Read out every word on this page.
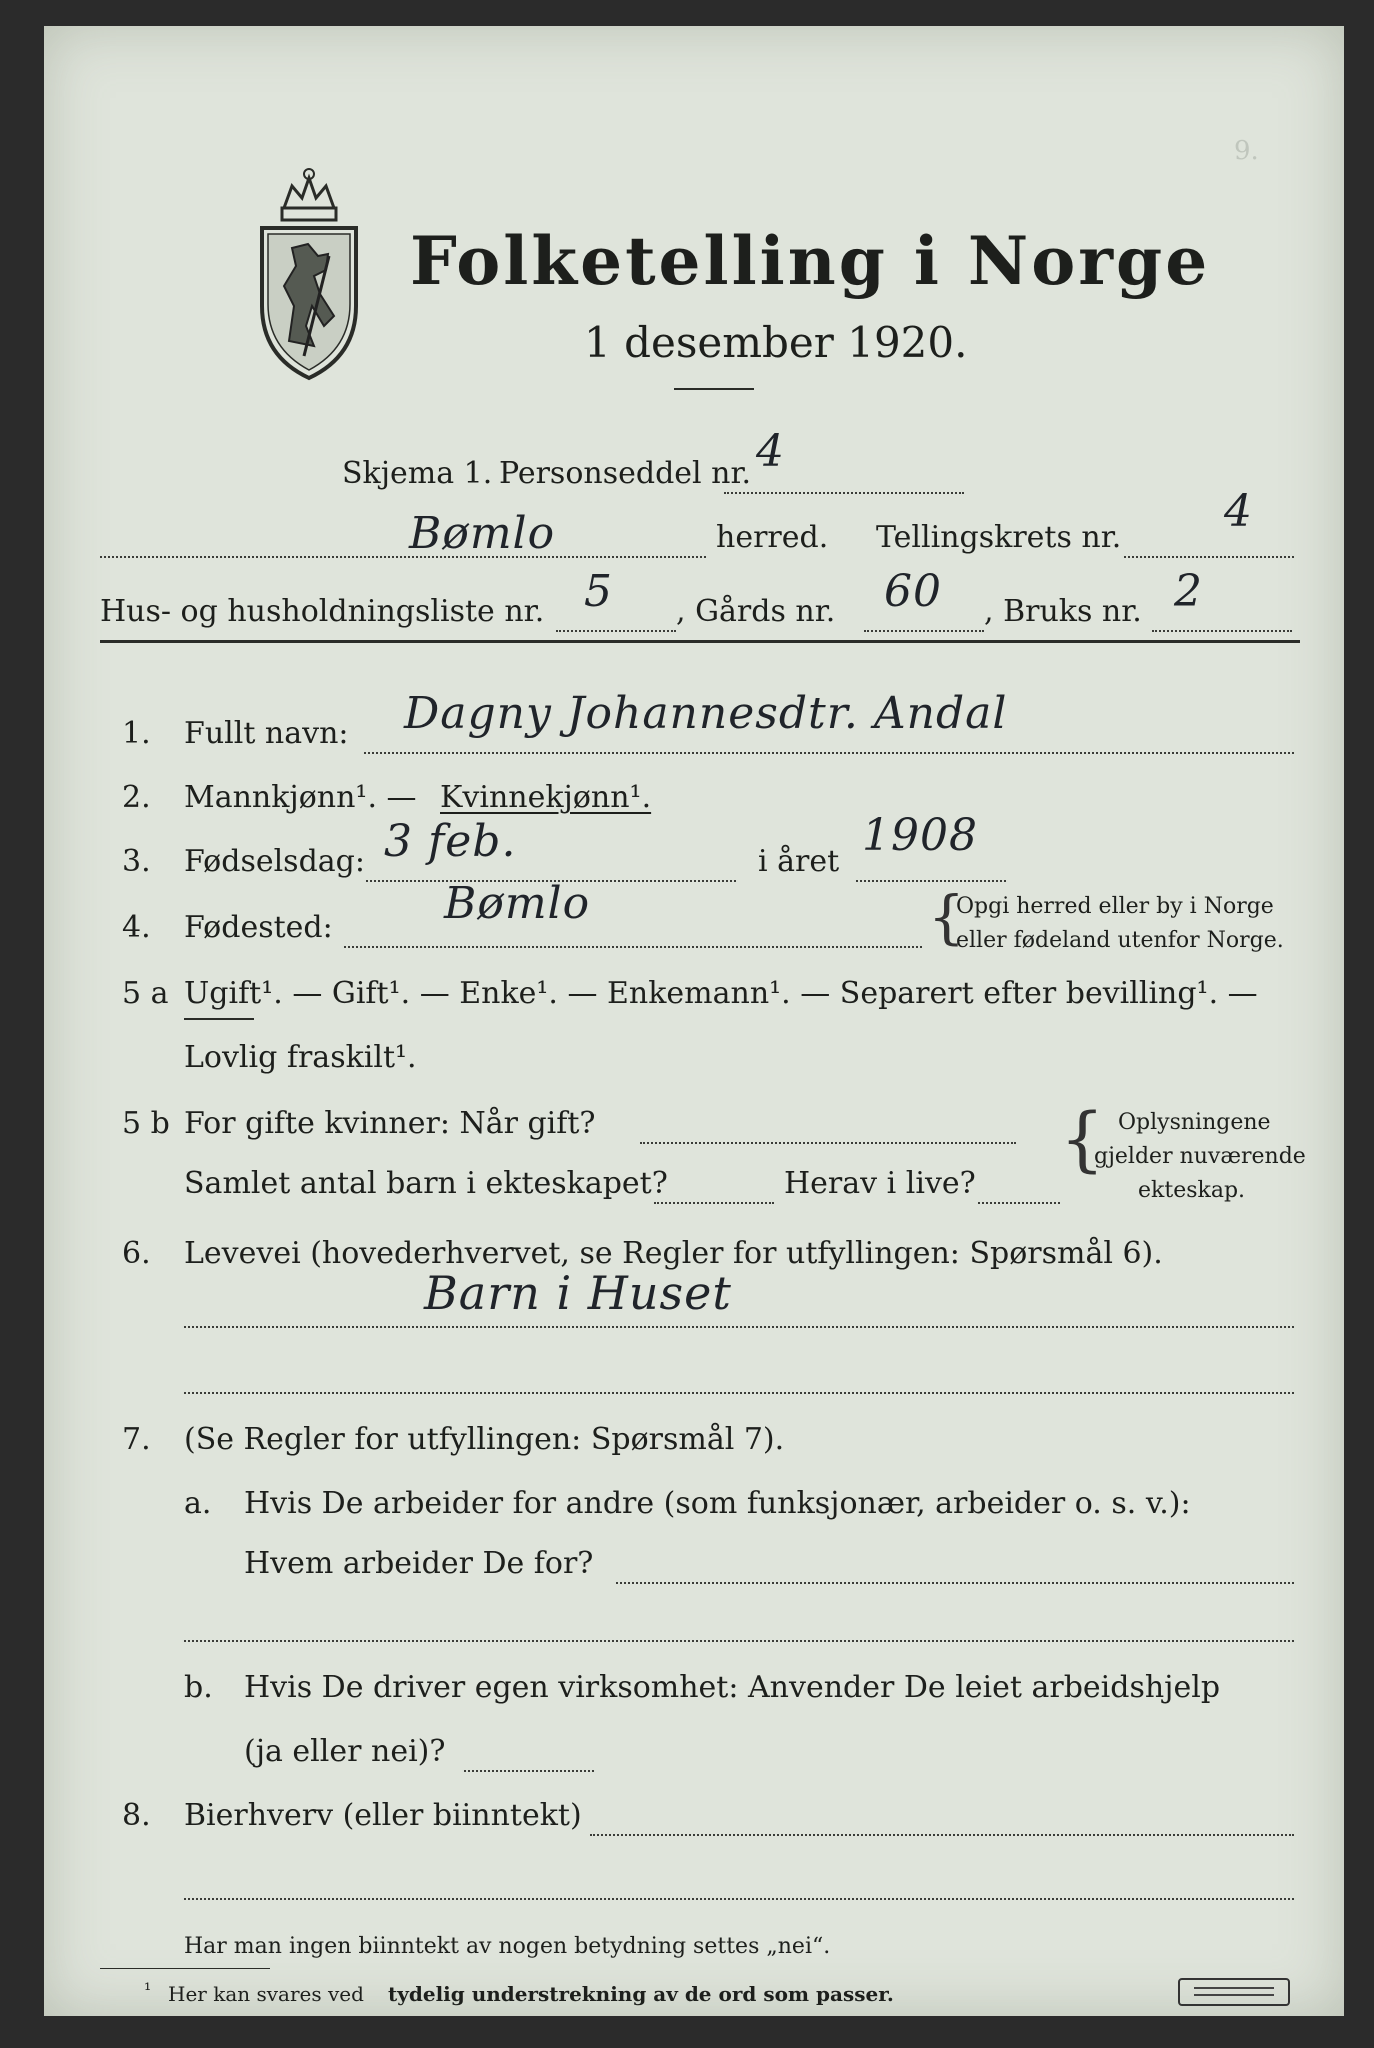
9.
Folketelling i Norge
1 desember 1920.
Skjema 1. Personseddel nr. 4
Bømlo	herred. Tellingskrets nr.
4
Hus- og husholdningsliste nr. 5 , Gårds nr. 60 , Bruks nr. 2
1. Fullt navn: Dagny Johannesdtr. Andal
2. Mannkjønn¹. — Kvinnekjønn¹.
3. Fødselsdag: 3 feb.	i året
1908
4. Fødested:	Bømlo	{
Opgi herred eller by i Norge
eller fødeland utenfor Norge.
5 a Ugift¹. — Gift¹. — Enke¹. — Enkemann¹. — Separert efter bevilling¹. —
Lovlig fraskilt¹.
5 b For gifte kvinner: Når gift?
Samlet antal barn i ekteskapet?	Herav i live?
{ Oplysningene
gjelder nuværende
ekteskap.
6. Levevei (hovederhvervet, se Regler for utfyllingen: Spørsmål 6).
Barn i Huset
7. (Se Regler for utfyllingen: Spørsmål 7).
a. Hvis De arbeider for andre (som funksjonær, arbeider o. s. v.):
Hvem arbeider De for?
b. Hvis De driver egen virksomhet: Anvender De leiet arbeidshjelp
(ja eller nei)?
8. Bierhverv (eller biinntekt)
Har man ingen biinntekt av nogen betydning settes „nei“.
¹ Her kan svares ved tydelig understrekning av de ord som passer.
